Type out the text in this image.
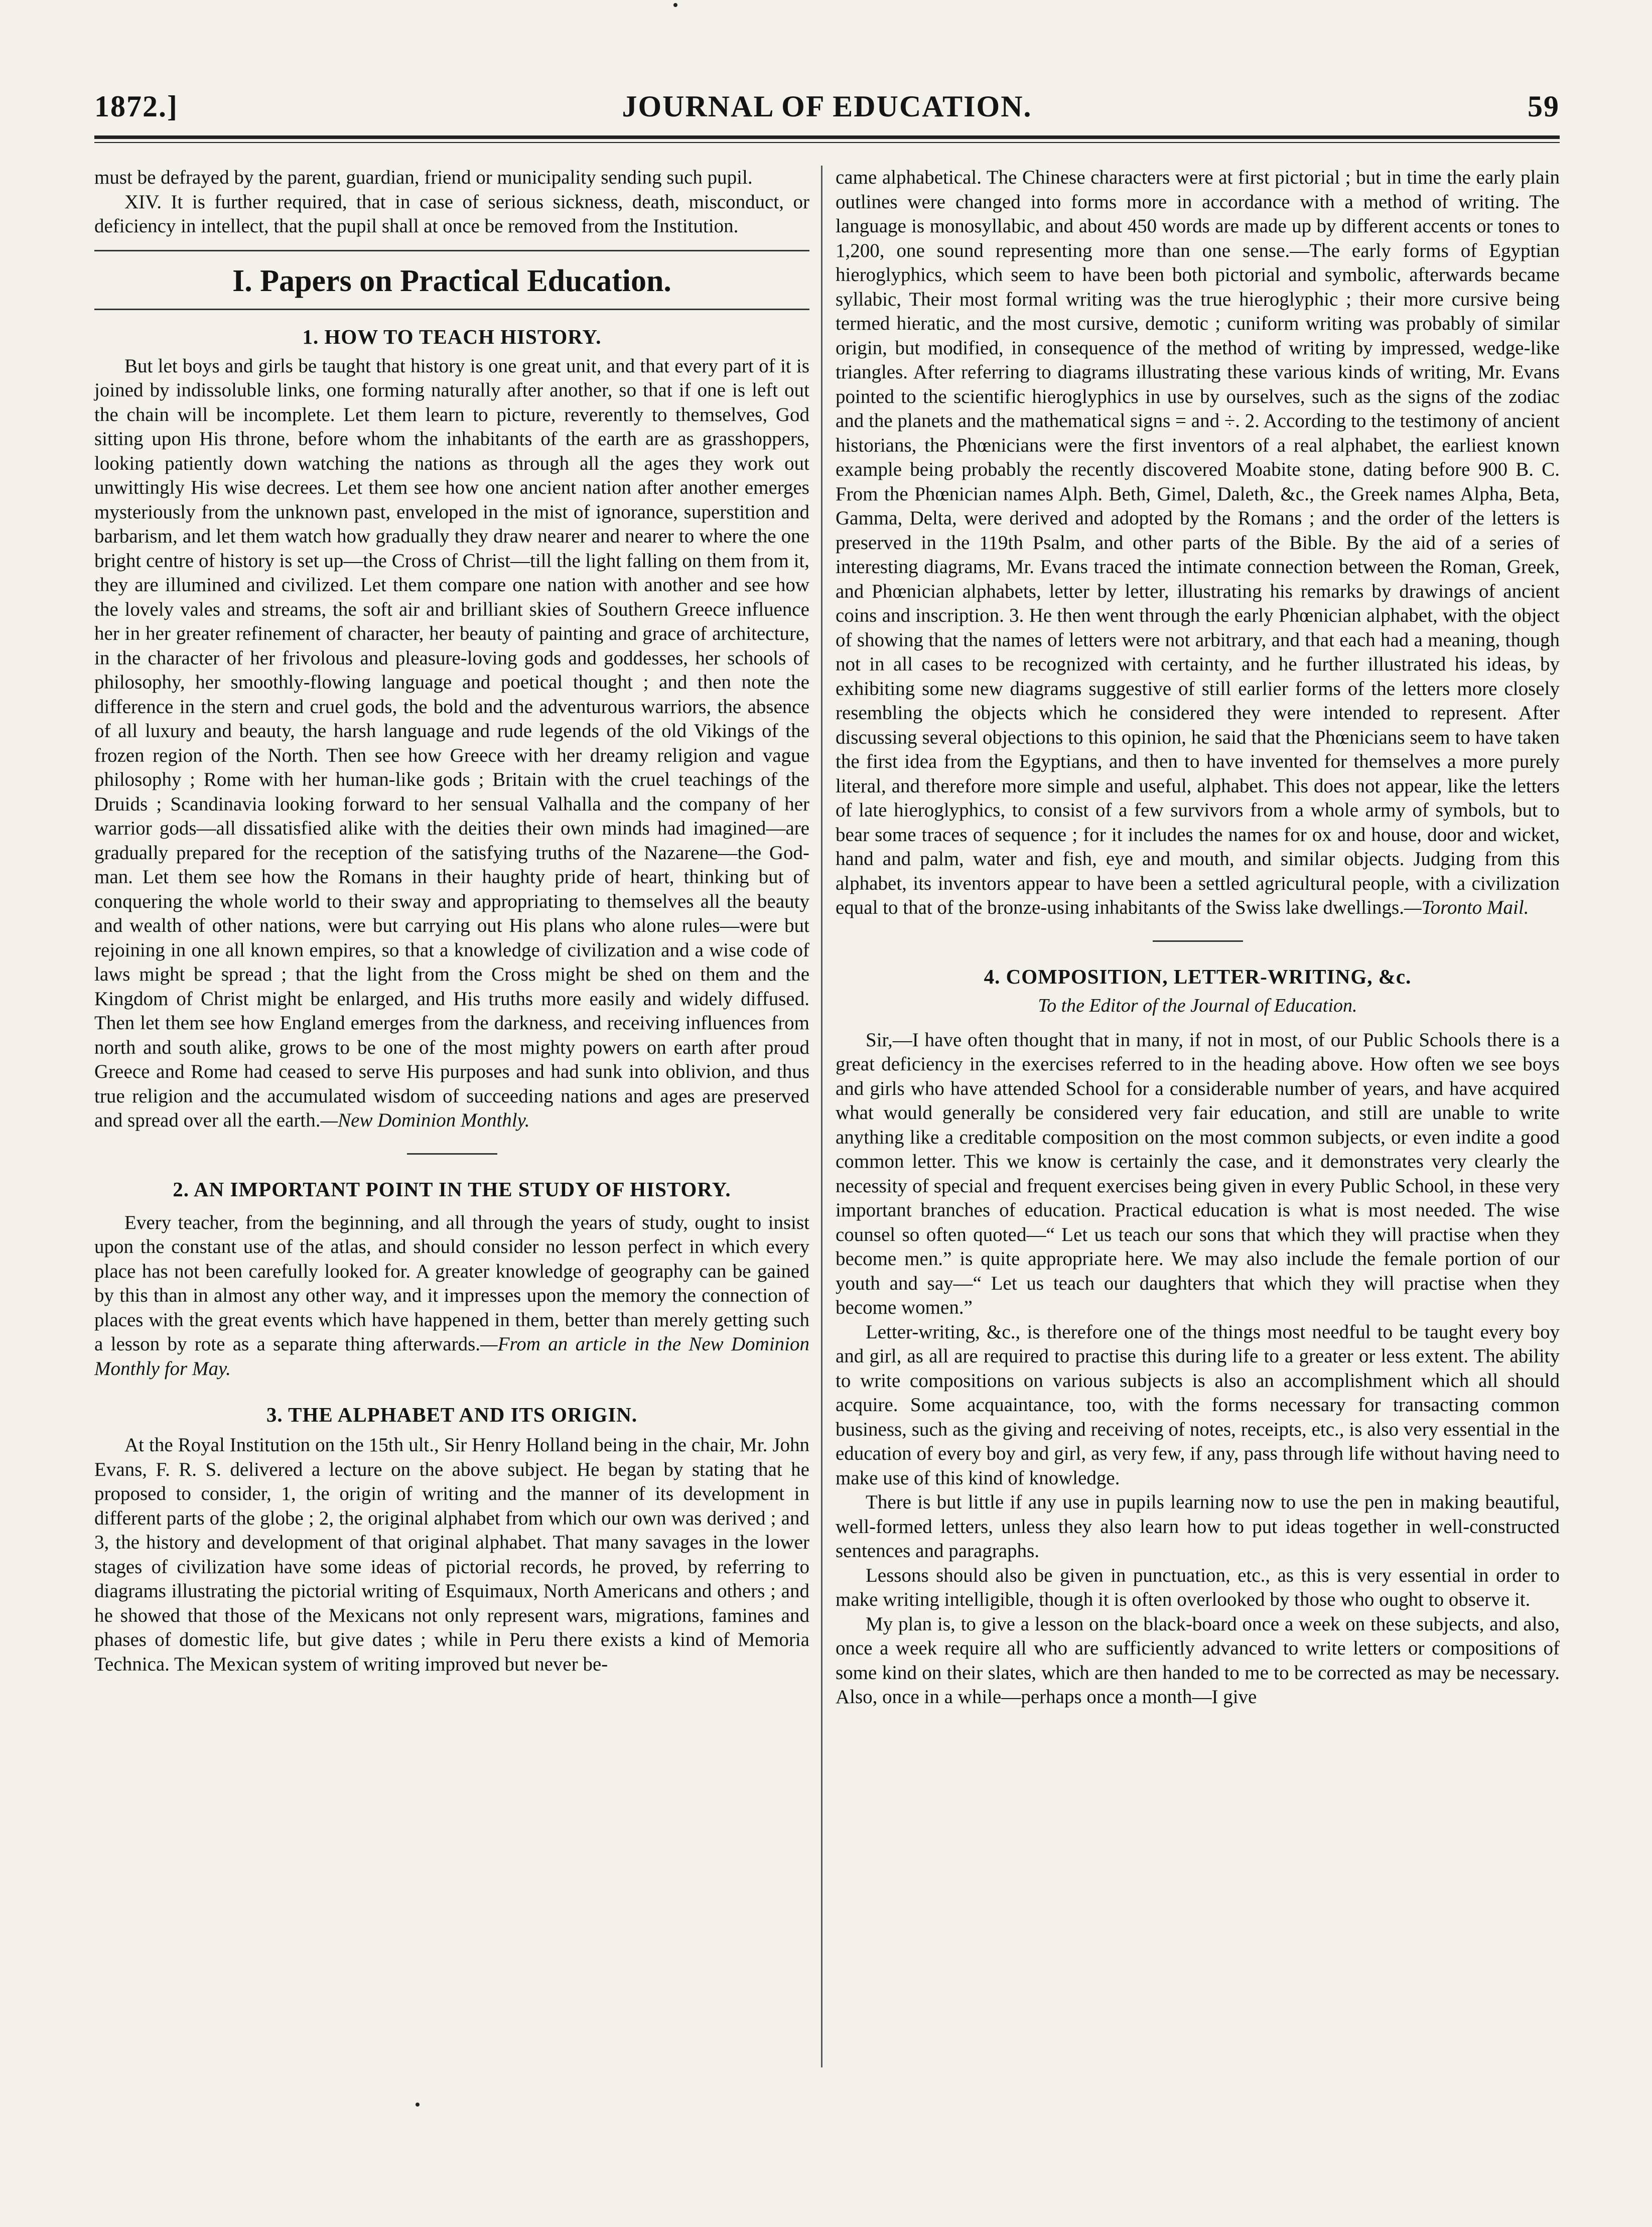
JOURNAL OF EDUCATION.
1872.]	59

must be defrayed by the parent, guardian, friend or municipality sending such pupil.

XIV. It is further required, that in case of serious sickness, death, misconduct, or deficiency in intellect, that the pupil shall at once be removed from the Institution.

I. Papers on Practical Education.
1. HOW TO TEACH HISTORY.

But let boys and girls be taught that history is one great unit, and that every part of it is joined by indissoluble links, one forming naturally after another, so that if one is left out the chain will be incomplete. Let them learn to picture, reverently to themselves, God sitting upon His throne, before whom the inhabitants of the earth are as grasshoppers, looking patiently down watching the nations as through all the ages they work out unwittingly His wise decrees. Let them see how one ancient nation after another emerges mysteriously from the unknown past, enveloped in the mist of ignorance, superstition and barbarism, and let them watch how gradually they draw nearer and nearer to where the one bright centre of history is set up—the Cross of Christ—till the light falling on them from it, they are illumined and civilized. Let them compare one nation with another and see how the lovely vales and streams, the soft air and brilliant skies of Southern Greece influence her in her greater refinement of character, her beauty of painting and grace of architecture, in the character of her frivolous and pleasure-loving gods and goddesses, her schools of philosophy, her smoothly-flowing language and poetical thought ; and then note the difference in the stern and cruel gods, the bold and the adventurous warriors, the absence of all luxury and beauty, the harsh language and rude legends of the old Vikings of the frozen region of the North. Then see how Greece with her dreamy religion and vague philosophy ; Rome with her human-like gods ; Britain with the cruel teachings of the Druids ; Scandinavia looking forward to her sensual Valhalla and the company of her warrior gods—all dissatisfied alike with the deities their own minds had imagined—are gradually prepared for the reception of the satisfying truths of the Nazarene—the God-man. Let them see how the Romans in their haughty pride of heart, thinking but of conquering the whole world to their sway and appropriating to themselves all the beauty and wealth of other nations, were but carrying out His plans who alone rules—were but rejoining in one all known empires, so that a knowledge of civilization and a wise code of laws might be spread ; that the light from the Cross might be shed on them and the Kingdom of Christ might be enlarged, and His truths more easily and widely diffused. Then let them see how England emerges from the darkness, and receiving influences from north and south alike, grows to be one of the most mighty powers on earth after proud Greece and Rome had ceased to serve His purposes and had sunk into oblivion, and thus true religion and the accumulated wisdom of succeeding nations and ages are preserved and spread over all the earth.—New Dominion Monthly.

2. AN IMPORTANT POINT IN THE STUDY OF HISTORY.

Every teacher, from the beginning, and all through the years of study, ought to insist upon the constant use of the atlas, and should consider no lesson perfect in which every place has not been carefully looked for. A greater knowledge of geography can be gained by this than in almost any other way, and it impresses upon the memory the connection of places with the great events which have happened in them, better than merely getting such a lesson by rote as a separate thing afterwards.—From an article in the New Dominion Monthly for May.

3. THE ALPHABET AND ITS ORIGIN.

At the Royal Institution on the 15th ult., Sir Henry Holland being in the chair, Mr. John Evans, F. R. S. delivered a lecture on the above subject. He began by stating that he proposed to consider, 1, the origin of writing and the manner of its development in different parts of the globe ; 2, the original alphabet from which our own was derived ; and 3, the history and development of that original alphabet. That many savages in the lower stages of civilization have some ideas of pictorial records, he proved, by referring to diagrams illustrating the pictorial writing of Esquimaux, North Americans and others ; and he showed that those of the Mexicans not only represent wars, migrations, famines and phases of domestic life, but give dates ; while in Peru there exists a kind of Memoria Technica. The Mexican system of writing improved but never be-

came alphabetical. The Chinese characters were at first pictorial ; but in time the early plain outlines were changed into forms more in accordance with a method of writing. The language is monosyllabic, and about 450 words are made up by different accents or tones to 1,200, one sound representing more than one sense.—The early forms of Egyptian hieroglyphics, which seem to have been both pictorial and symbolic, afterwards became syllabic, Their most formal writing was the true hieroglyphic ; their more cursive being termed hieratic, and the most cursive, demotic ; cuniform writing was probably of similar origin, but modified, in consequence of the method of writing by impressed, wedge-like triangles. After referring to diagrams illustrating these various kinds of writing, Mr. Evans pointed to the scientific hieroglyphics in use by ourselves, such as the signs of the zodiac and the planets and the mathematical signs = and ÷. 2. According to the testimony of ancient historians, the Phœnicians were the first inventors of a real alphabet, the earliest known example being probably the recently discovered Moabite stone, dating before 900 B. C. From the Phœnician names Alph. Beth, Gimel, Daleth, &c., the Greek names Alpha, Beta, Gamma, Delta, were derived and adopted by the Romans ; and the order of the letters is preserved in the 119th Psalm, and other parts of the Bible. By the aid of a series of interesting diagrams, Mr. Evans traced the intimate connection between the Roman, Greek, and Phœnician alphabets, letter by letter, illustrating his remarks by drawings of ancient coins and inscription. 3. He then went through the early Phœnician alphabet, with the object of showing that the names of letters were not arbitrary, and that each had a meaning, though not in all cases to be recognized with certainty, and he further illustrated his ideas, by exhibiting some new diagrams suggestive of still earlier forms of the letters more closely resembling the objects which he considered they were intended to represent. After discussing several objections to this opinion, he said that the Phœnicians seem to have taken the first idea from the Egyptians, and then to have invented for themselves a more purely literal, and therefore more simple and useful, alphabet. This does not appear, like the letters of late hieroglyphics, to consist of a few survivors from a whole army of symbols, but to bear some traces of sequence ; for it includes the names for ox and house, door and wicket, hand and palm, water and fish, eye and mouth, and similar objects. Judging from this alphabet, its inventors appear to have been a settled agricultural people, with a civilization equal to that of the bronze-using inhabitants of the Swiss lake dwellings.—Toronto Mail.

4. COMPOSITION, LETTER-WRITING, &c.

To the Editor of the Journal of Education.

Sir,—I have often thought that in many, if not in most, of our Public Schools there is a great deficiency in the exercises referred to in the heading above. How often we see boys and girls who have attended School for a considerable number of years, and have acquired what would generally be considered very fair education, and still are unable to write anything like a creditable composition on the most common subjects, or even indite a good common letter. This we know is certainly the case, and it demonstrates very clearly the necessity of special and frequent exercises being given in every Public School, in these very important branches of education. Practical education is what is most needed. The wise counsel so often quoted—“ Let us teach our sons that which they will practise when they become men.” is quite appropriate here. We may also include the female portion of our youth and say—“ Let us teach our daughters that which they will practise when they become women.”

Letter-writing, &c., is therefore one of the things most needful to be taught every boy and girl, as all are required to practise this during life to a greater or less extent. The ability to write compositions on various subjects is also an accomplishment which all should acquire. Some acquaintance, too, with the forms necessary for transacting common business, such as the giving and receiving of notes, receipts, etc., is also very essential in the education of every boy and girl, as very few, if any, pass through life without having need to make use of this kind of knowledge.

There is but little if any use in pupils learning now to use the pen in making beautiful, well-formed letters, unless they also learn how to put ideas together in well-constructed sentences and paragraphs.

Lessons should also be given in punctuation, etc., as this is very essential in order to make writing intelligible, though it is often overlooked by those who ought to observe it.

My plan is, to give a lesson on the black-board once a week on these subjects, and also, once a week require all who are sufficiently advanced to write letters or compositions of some kind on their slates, which are then handed to me to be corrected as may be necessary. Also, once in a while—perhaps once a month—I give
